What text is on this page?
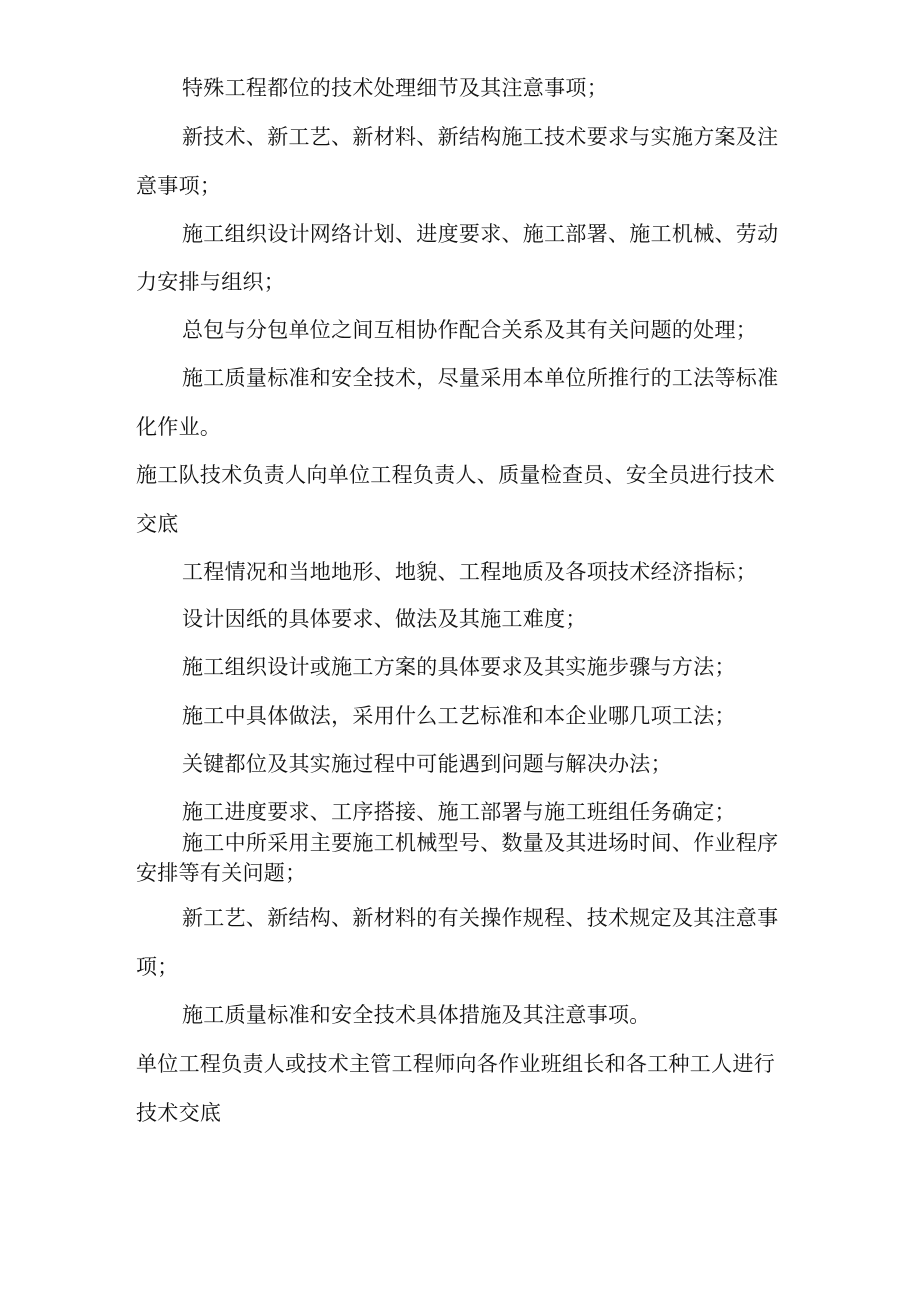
特殊工程都位的技术处理细节及其注意事项；
新技术、新工艺、新材料、新结构施工技术要求与实施方案及注
意事项；
施工组织设计网络计划、进度要求、施工部署、施工机械、劳动
力安排与组织；
总包与分包单位之间互相协作配合关系及其有关问题的处理；
施工质量标准和安全技术，尽量采用本单位所推行的工法等标准
化作业。
施工队技术负责人向单位工程负责人、质量检查员、安全员进行技术
交底
工程情况和当地地形、地貌、工程地质及各项技术经济指标；
设计因纸的具体要求、做法及其施工难度；
施工组织设计或施工方案的具体要求及其实施步骤与方法；
施工中具体做法，采用什么工艺标准和本企业哪几项工法；
关键都位及其实施过程中可能遇到问题与解决办法；
施工进度要求、工序搭接、施工部署与施工班组任务确定；
施工中所采用主要施工机械型号、数量及其进场时间、作业程序
安排等有关问题；
新工艺、新结构、新材料的有关操作规程、技术规定及其注意事
项；
施工质量标准和安全技术具体措施及其注意事项。
单位工程负责人或技术主管工程师向各作业班组长和各工种工人进行
技术交底
